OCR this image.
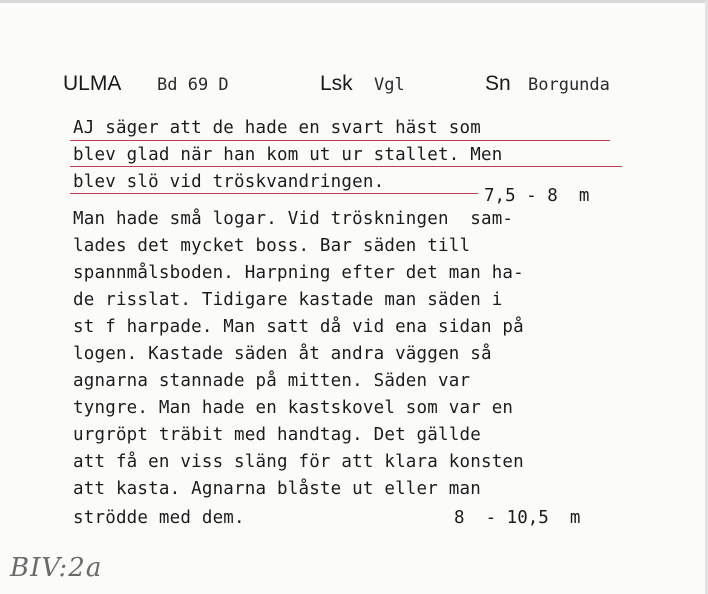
ULMA Bd 69 D	Lsk Vgl	Sn Borgunda
AJ säger att de hade en svart häst som
blev glad när han kom ut ur stallet. Men
blev slö vid tröskvandringen.
7,5 - 8  m
Man hade små logar. Vid tröskningen  sam-
lades det mycket boss. Bar säden till
spannmålsboden. Harpning efter det man ha-
de risslat. Tidigare kastade man säden i
st f harpade. Man satt då vid ena sidan på
logen. Kastade säden åt andra väggen så
agnarna stannade på mitten. Säden var
tyngre. Man hade en kastskovel som var en
urgröpt träbit med handtag. Det gällde
att få en viss släng för att klara konsten
att kasta. Agnarna blåste ut eller man
strödde med dem.	8  - 10,5  m
BIV:2a
